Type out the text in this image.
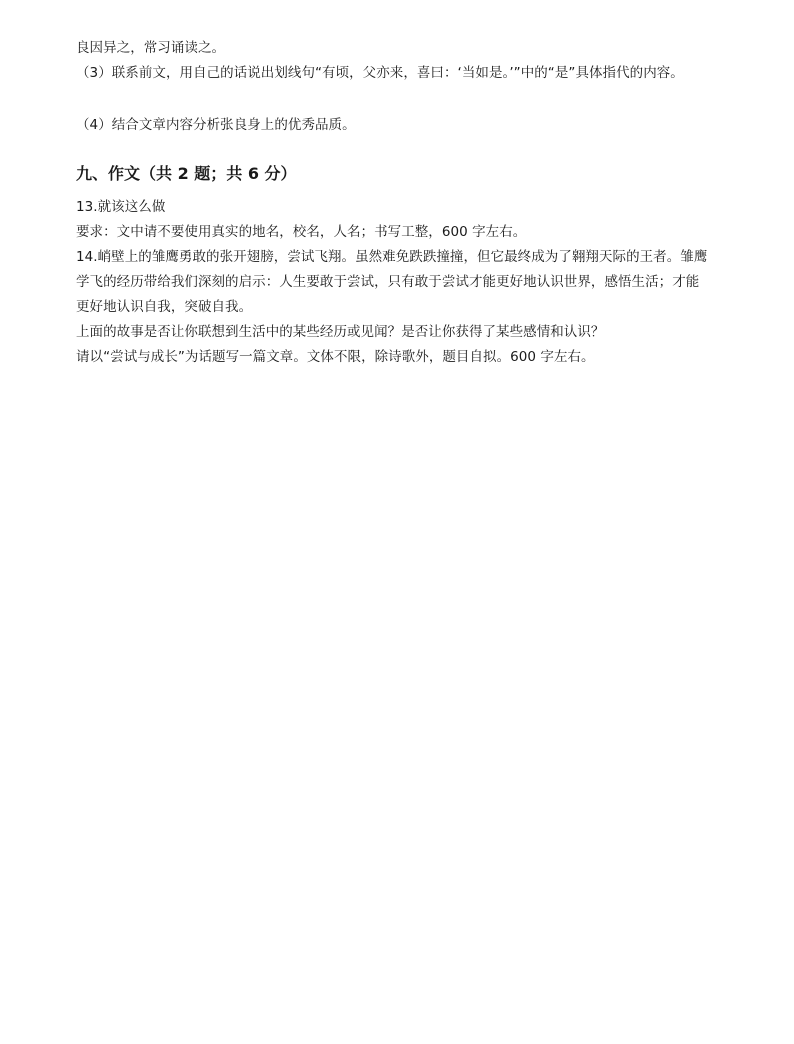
良因异之，常习诵读之。
（3）联系前文，用自己的话说出划线句“有顷，父亦来，喜曰：‘当如是。’”中的“是”具体指代的内容。
（4）结合文章内容分析张良身上的优秀品质。
九、作文（共 2 题；共 6 分）
13.就该这么做
要求：文中请不要使用真实的地名，校名，人名；书写工整，600 字左右。
14.峭壁上的雏鹰勇敢的张开翅膀，尝试飞翔。虽然难免跌跌撞撞，但它最终成为了翱翔天际的王者。雏鹰
学飞的经历带给我们深刻的启示：人生要敢于尝试，只有敢于尝试才能更好地认识世界，感悟生活；才能
更好地认识自我，突破自我。
上面的故事是否让你联想到生活中的某些经历或见闻？是否让你获得了某些感情和认识？
请以“尝试与成长”为话题写一篇文章。文体不限，除诗歌外，题目自拟。600 字左右。
